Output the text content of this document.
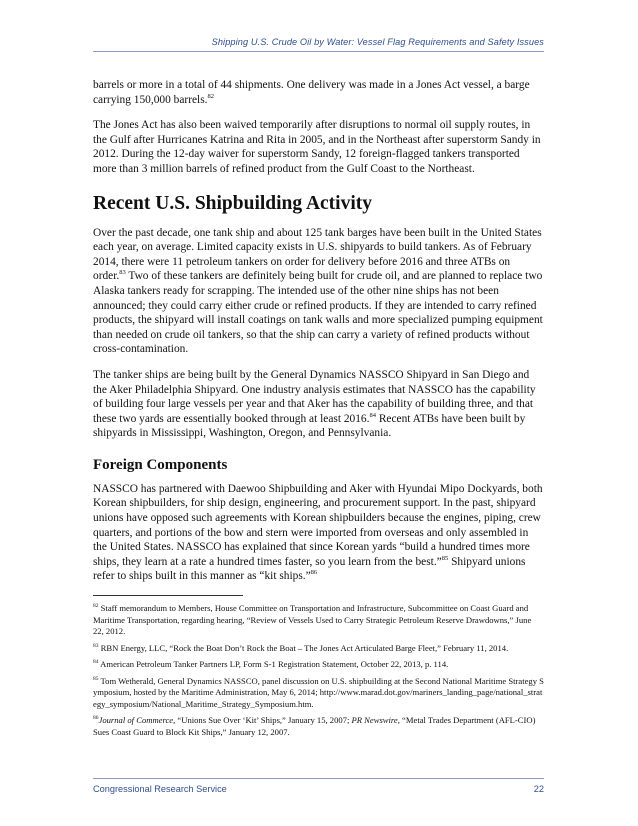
Shipping U.S. Crude Oil by Water: Vessel Flag Requirements and Safety Issues

barrels or more in a total of 44 shipments. One delivery was made in a Jones Act vessel, a barge carrying 150,000 barrels.$^{82}$

The Jones Act has also been waived temporarily after disruptions to normal oil supply routes, in the Gulf after Hurricanes Katrina and Rita in 2005, and in the Northeast after superstorm Sandy in 2012. During the 12-day waiver for superstorm Sandy, 12 foreign-flagged tankers transported more than 3 million barrels of refined product from the Gulf Coast to the Northeast.

Recent U.S. Shipbuilding Activity

Over the past decade, one tank ship and about 125 tank barges have been built in the United States each year, on average. Limited capacity exists in U.S. shipyards to build tankers. As of February 2014, there were 11 petroleum tankers on order for delivery before 2016 and three ATBs on order.$^{83}$ Two of these tankers are definitely being built for crude oil, and are planned to replace two Alaska tankers ready for scrapping. The intended use of the other nine ships has not been announced; they could carry either crude or refined products. If they are intended to carry refined products, the shipyard will install coatings on tank walls and more specialized pumping equipment than needed on crude oil tankers, so that the ship can carry a variety of refined products without cross-contamination.

The tanker ships are being built by the General Dynamics NASSCO Shipyard in San Diego and the Aker Philadelphia Shipyard. One industry analysis estimates that NASSCO has the capability of building four large vessels per year and that Aker has the capability of building three, and that these two yards are essentially booked through at least 2016.84 Recent ATBs have been built by shipyards in Mississippi, Washington, Oregon, and Pennsylvania.

Foreign Components

NASSCO has partnered with Daewoo Shipbuilding and Aker with Hyundai Mipo Dockyards, both Korean shipbuilders, for ship design, engineering, and procurement support. In the past, shipyard unions have opposed such agreements with Korean shipbuilders because the engines, piping, crew quarters, and portions of the bow and stern were imported from overseas and only assembled in the United States. NASSCO has explained that since Korean yards “build a hundred times more ships, they learn at a rate a hundred times faster, so you learn from the best.”$^{85}$ Shipyard unions refer to ships built in this manner as “kit ships.”$^{86}$

$^{82}$ Staff memorandum to Members, House Committee on Transportation and Infrastructure, Subcommittee on Coast Guard and Maritime Transportation, regarding hearing, “Review of Vessels Used to Carry Strategic Petroleum Reserve Drawdowns,” June 22, 2012.
$^{83}$ RBN Energy, LLC, “Rock the Boat Don’t Rock the Boat – The Jones Act Articulated Barge Fleet,” February 11, 2014.
$^{84}$ American Petroleum Tanker Partners LP, Form S-1 Registration Statement, October 22, 2013, p. 114.
$^{85}$ Tom Wetherald, General Dynamics NASSCO, panel discussion on U.S. shipbuilding at the Second National Maritime Strategy Symposium, hosted by the Maritime Administration, May 6, 2014; http://www.marad.dot.gov/mariners_landing_page/national_strategy_symposium/National_Maritime_Strategy_Symposium.htm.
$^{86}$Journal of Commerce, “Unions Sue Over ‘Kit’ Ships,” January 15, 2007; PR Newswire, “Metal Trades Department (AFL-CIO) Sues Coast Guard to Block Kit Ships,” January 12, 2007.
Congressional Research Service	22
